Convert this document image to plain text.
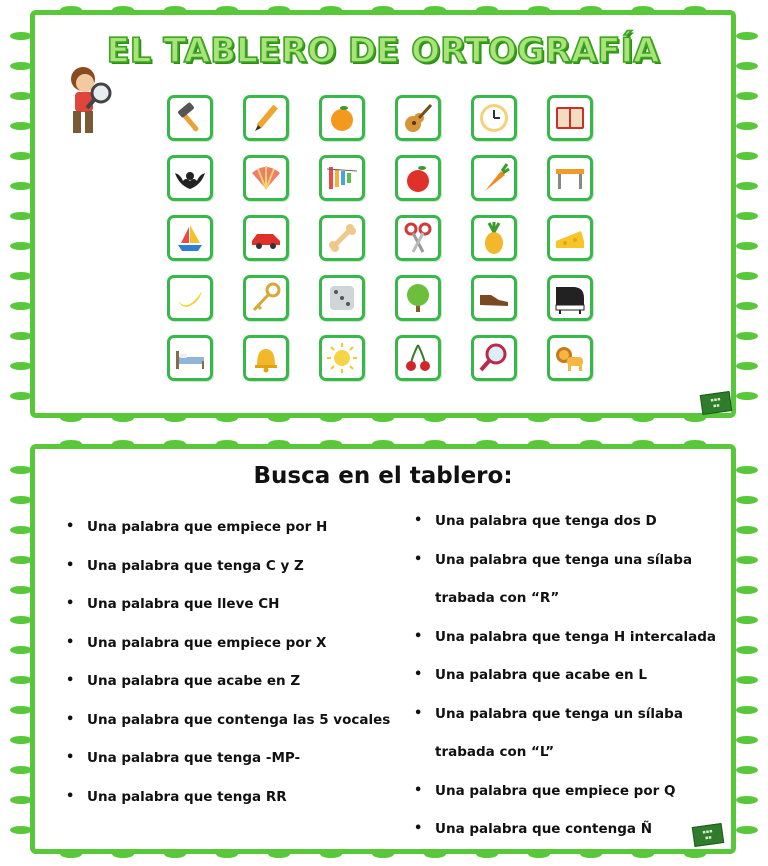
EL TABLERO DE ORTOGRAFÍA
▪▪▪
▪▪
Busca en el tablero:
• Una palabra que empiece por H
• Una palabra que tenga C y Z
• Una palabra que lleve CH
• Una palabra que empiece por X
• Una palabra que acabe en Z
• Una palabra que contenga las 5 vocales
• Una palabra que tenga -MP-
• Una palabra que tenga RR
• Una palabra que tenga dos D
• Una palabra que tenga una sílaba
trabada con “R”
• Una palabra que tenga H intercalada
• Una palabra que acabe en L
• Una palabra que tenga un sílaba
trabada con “L”
• Una palabra que empiece por Q
• Una palabra que contenga Ñ	▪▪▪
▪▪
